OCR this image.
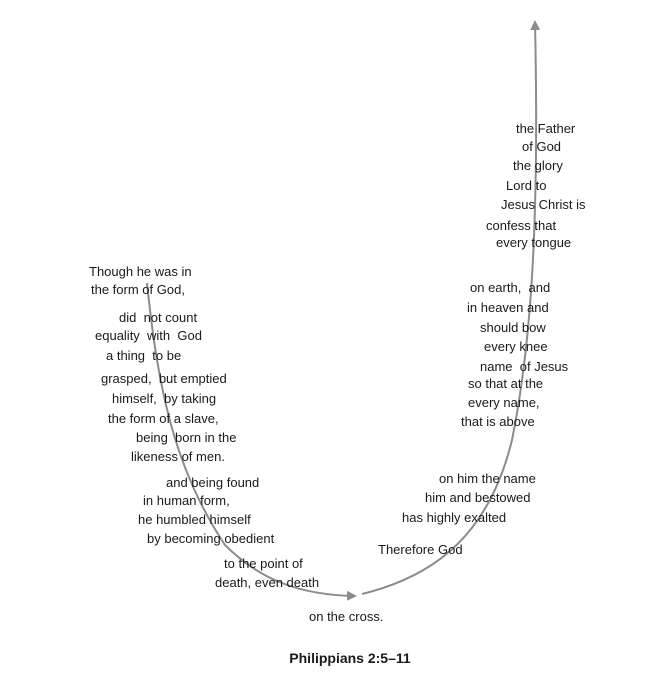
Though he was in
the form of God,
did  not count
equality  with  God
a thing  to be
grasped,  but emptied
himself,  by taking
the form of a slave,
being  born in the
likeness of men.
and being found
in human form,
he humbled himself
by becoming obedient
to the point of
death, even death
on the cross.
Therefore God
has highly exalted
him and bestowed
on him the name
that is above
every name,
so that at the
name  of Jesus
every knee
should bow
in heaven and
on earth,  and
every tongue
confess that
Jesus Christ is
Lord to
the glory
of God
the Father
Philippians 2:5–11
